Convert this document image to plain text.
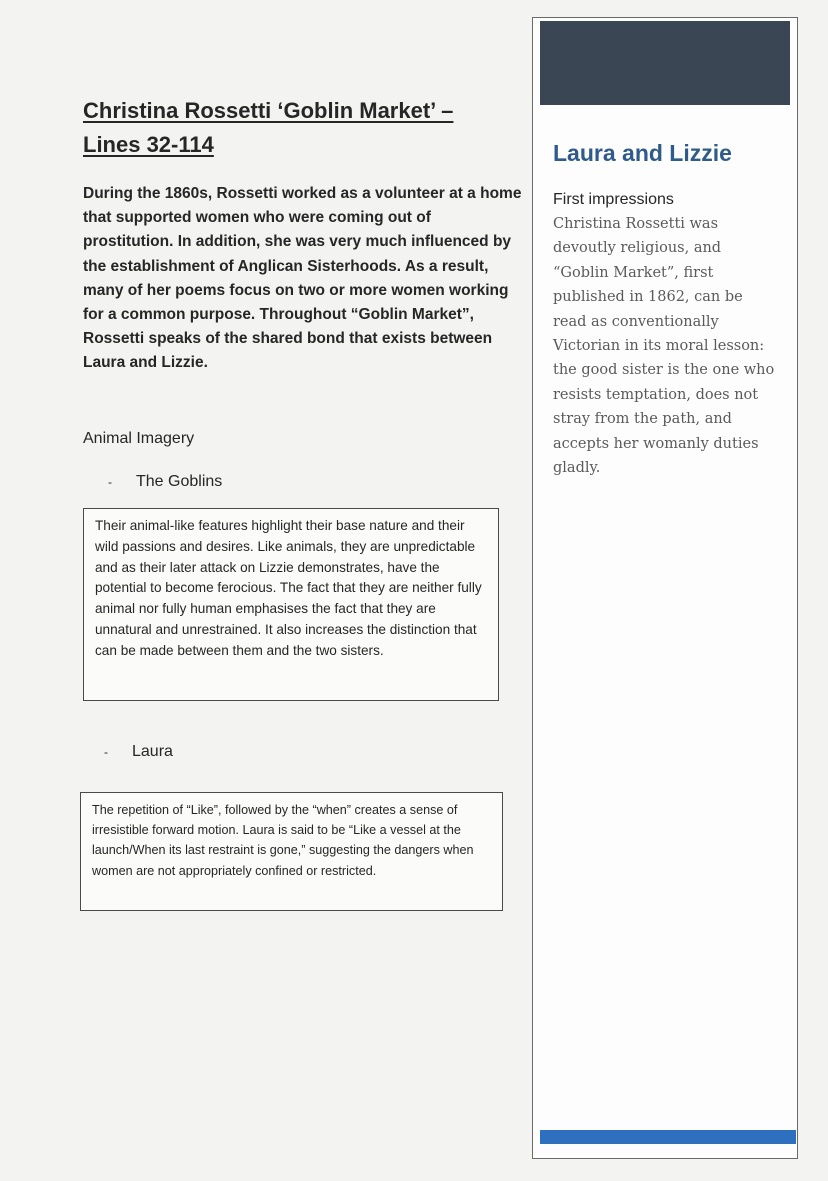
Christina Rossetti ‘Goblin Market’ –
Lines 32-114

During the 1860s, Rossetti worked as a volunteer at a home that supported women who were coming out of prostitution. In addition, she was very much influenced by the establishment of Anglican Sisterhoods. As a result, many of her poems focus on two or more women working for a common purpose. Throughout “Goblin Market”, Rossetti speaks of the shared bond that exists between Laura and Lizzie.

Animal Imagery

- The Goblins

Their animal-like features highlight their base nature and their wild passions and desires. Like animals, they are unpredictable and as their later attack on Lizzie demonstrates, have the potential to become ferocious. The fact that they are neither fully animal nor fully human emphasises the fact that they are unnatural and unrestrained. It also increases the distinction that can be made between them and the two sisters.

- Laura

The repetition of “Like”, followed by the “when” creates a sense of irresistible forward motion. Laura is said to be “Like a vessel at the launch/When its last restraint is gone,” suggesting the dangers when women are not appropriately confined or restricted.
Laura and Lizzie

First impressions

Christina Rossetti was devoutly religious, and “Goblin Market”, first published in 1862, can be read as conventionally Victorian in its moral lesson: the good sister is the one who resists temptation, does not stray from the path, and accepts her womanly duties gladly.
